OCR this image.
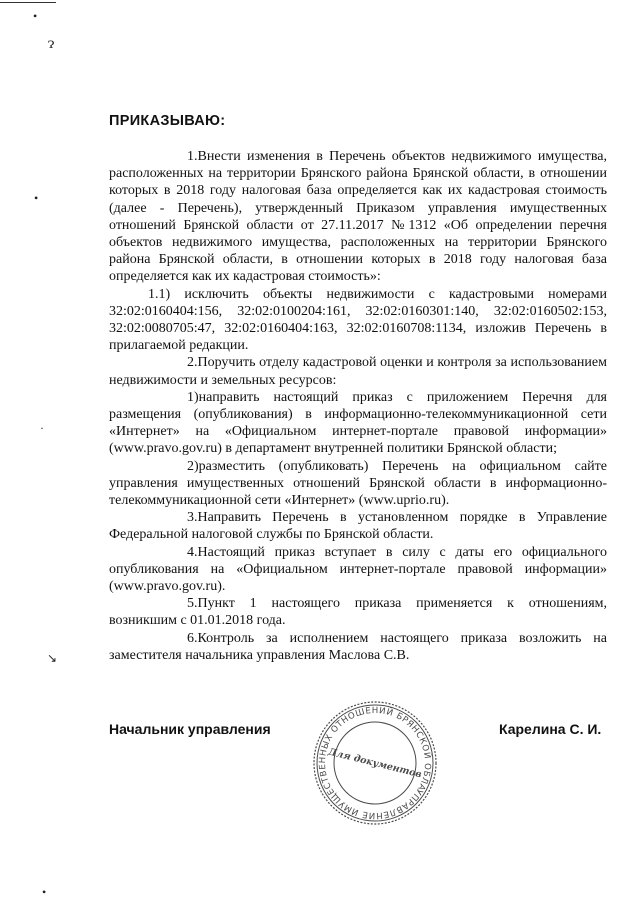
•
ɂ
•
·
↘
•
ПРИКАЗЫВАЮ:

1.Внести изменения в Перечень объектов недвижимого имущества, расположенных на территории Брянского района Брянской области, в отношении которых в 2018 году налоговая база определяется как их кадастровая стоимость (далее - Перечень), утвержденный Приказом управления имущественных отношений Брянской области от 27.11.2017 №1312 «Об определении перечня объектов недвижимого имущества, расположенных на территории Брянского района Брянской области, в отношении которых в 2018 году налоговая база определяется как их кадастровая стоимость»:

1.1) исключить объекты недвижимости с кадастровыми номерами 32:02:0160404:156, 32:02:0100204:161, 32:02:0160301:140, 32:02:0160502:153, 32:02:0080705:47, 32:02:0160404:163, 32:02:0160708:1134, изложив Перечень в прилагаемой редакции.

2.Поручить отделу кадастровой оценки и контроля за использованием недвижимости и земельных ресурсов:

1)направить настоящий приказ с приложением Перечня для размещения (опубликования) в информационно-телекоммуникационной сети «Интернет» на «Официальном интернет-портале правовой информации» (www.pravo.gov.ru) в департамент внутренней политики Брянской области;

2)разместить (опубликовать) Перечень на официальном сайте управления имущественных отношений Брянской области в информационно-телекоммуникационной сети «Интернет» (www.uprio.ru).

3.Направить Перечень в установленном порядке в Управление Федеральной налоговой службы по Брянской области.

4.Настоящий приказ вступает в силу с даты его официального опубликования на «Официальном интернет-портале правовой информации» (www.pravo.gov.ru).

5.Пункт 1 настоящего приказа применяется к отношениям, возникшим с 01.01.2018 года.

6.Контроль за исполнением настоящего приказа возложить на заместителя начальника управления Маслова С.В.

Начальник управления	Карелина С. И.
УПРАВЛЕНИЕ ИМУЩЕСТВЕННЫХ ОТНОШЕНИЙ БРЯНСКОЙ ОБЛАСТИ
Для документов
